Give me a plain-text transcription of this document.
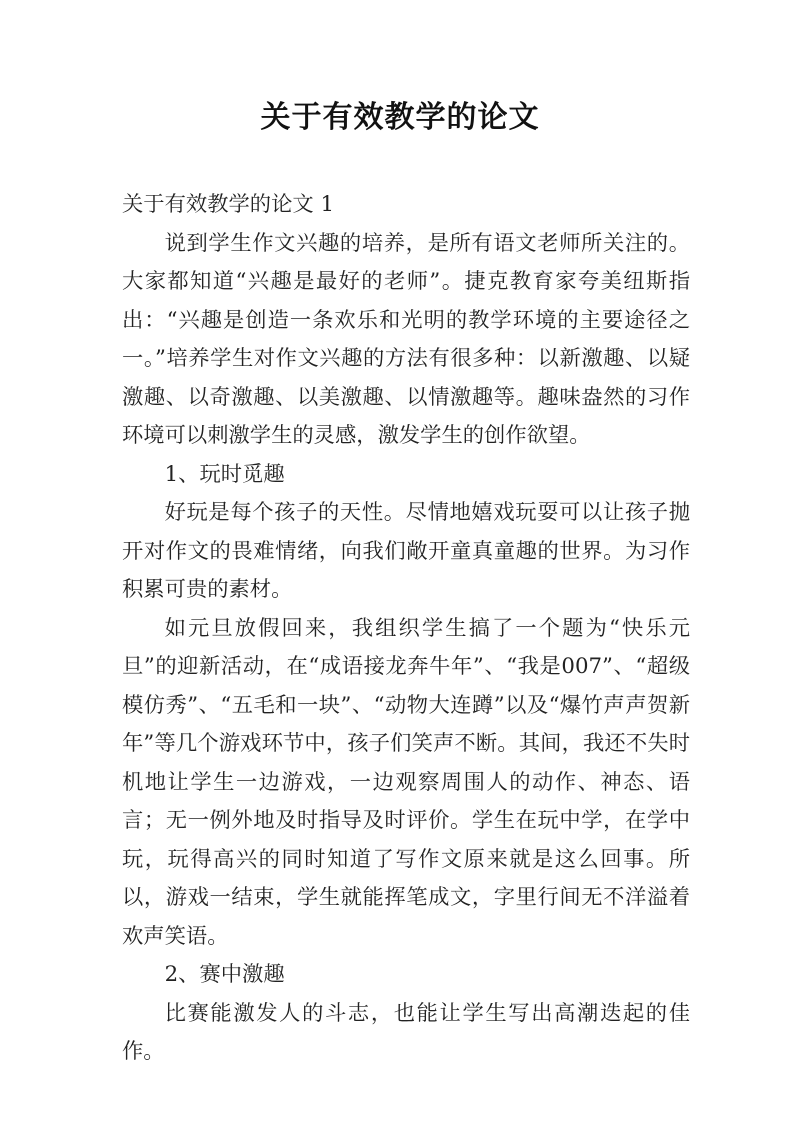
关于有效教学的论文

关于有效教学的论文 1

说到学生作文兴趣的培养，是所有语文老师所关注的。大家都知道“兴趣是最好的老师”。捷克教育家夸美纽斯指出：“兴趣是创造一条欢乐和光明的教学环境的主要途径之一。”培养学生对作文兴趣的方法有很多种：以新激趣、以疑激趣、以奇激趣、以美激趣、以情激趣等。趣味盎然的习作环境可以刺激学生的灵感，激发学生的创作欲望。

1、玩时觅趣

好玩是每个孩子的天性。尽情地嬉戏玩耍可以让孩子抛开对作文的畏难情绪，向我们敞开童真童趣的世界。为习作积累可贵的素材。

如元旦放假回来，我组织学生搞了一个题为“快乐元旦”的迎新活动，在“成语接龙奔牛年”、“我是007”、“超级模仿秀”、“五毛和一块”、“动物大连蹲”以及“爆竹声声贺新年”等几个游戏环节中，孩子们笑声不断。其间，我还不失时机地让学生一边游戏，一边观察周围人的动作、神态、语言；无一例外地及时指导及时评价。学生在玩中学，在学中玩，玩得高兴的同时知道了写作文原来就是这么回事。所以，游戏一结束，学生就能挥笔成文，字里行间无不洋溢着欢声笑语。

2、赛中激趣

比赛能激发人的斗志，也能让学生写出高潮迭起的佳作。
